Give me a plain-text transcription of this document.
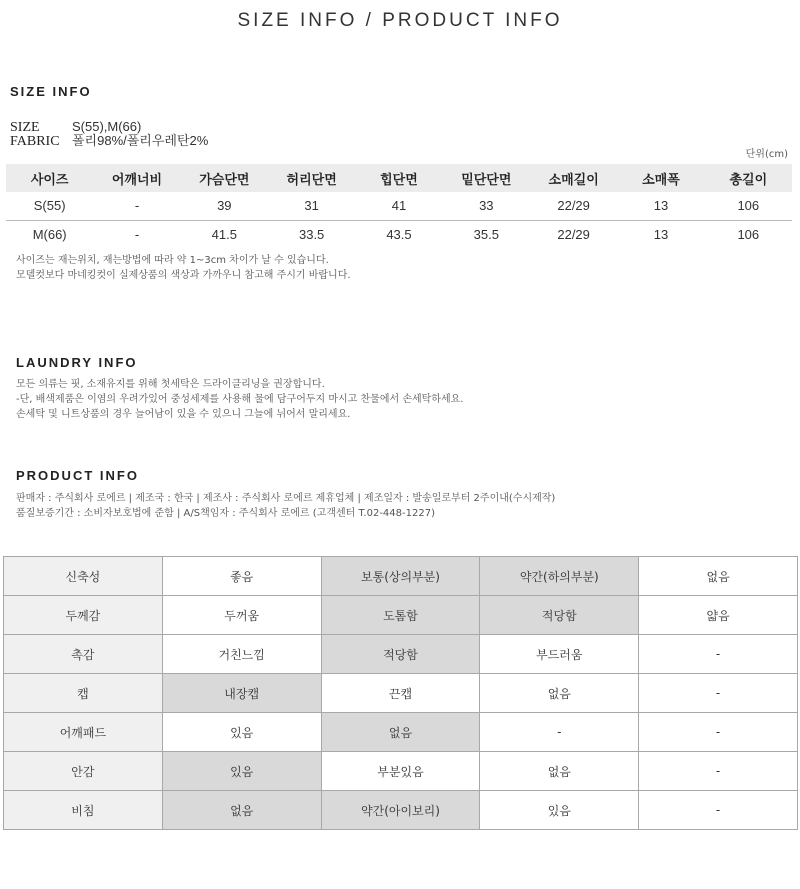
SIZE INFO / PRODUCT INFO
SIZE INFO
SIZE S(55),M(66)
FABRIC 폴리98%/폴리우레탄2%
단위(cm)
사이즈	어깨너비	가슴단면	허리단면	힙단면	밑단단면	소매길이	소매폭	총길이
S(55)	-	39	31	41	33	22/29	13	106
M(66)	-	41.5	33.5	43.5	35.5	22/29	13	106
사이즈는 재는위치, 재는방법에 따라 약 1~3cm 차이가 날 수 있습니다.
모델컷보다 마네킹컷이 실제상품의 색상과 가까우니 참고해 주시기 바랍니다.
LAUNDRY INFO
모든 의류는 핏, 소재유지를 위해 첫세탁은 드라이클리닝을 권장합니다.
-단, 배색제품은 이염의 우려가있어 중성세제를 사용해 물에 담구어두지 마시고 찬물에서 손세탁하세요.
손세탁 및 니트상품의 경우 늘어남이 있을 수 있으니 그늘에 뉘어서 말리세요.
PRODUCT INFO
판매자 : 주식회사 로에르 | 제조국 : 한국 | 제조사 : 주식회사 로에르 제휴업체 | 제조일자 : 발송일로부터 2주이내(수시제작)
품질보증기간 : 소비자보호법에 준함 | A/S책임자 : 주식회사 로에르 (고객센터 T.02-448-1227)
신축성	좋음	보통(상의부분)	약간(하의부분)	없음
두께감	두꺼움	도톰함	적당함	얇음
촉감	거친느낌	적당함	부드러움	-
캡	내장캡	끈캡	없음	-
어깨패드	있음	없음	-	-
안감	있음	부분있음	없음	-
비침	없음	약간(아이보리)	있음	-
